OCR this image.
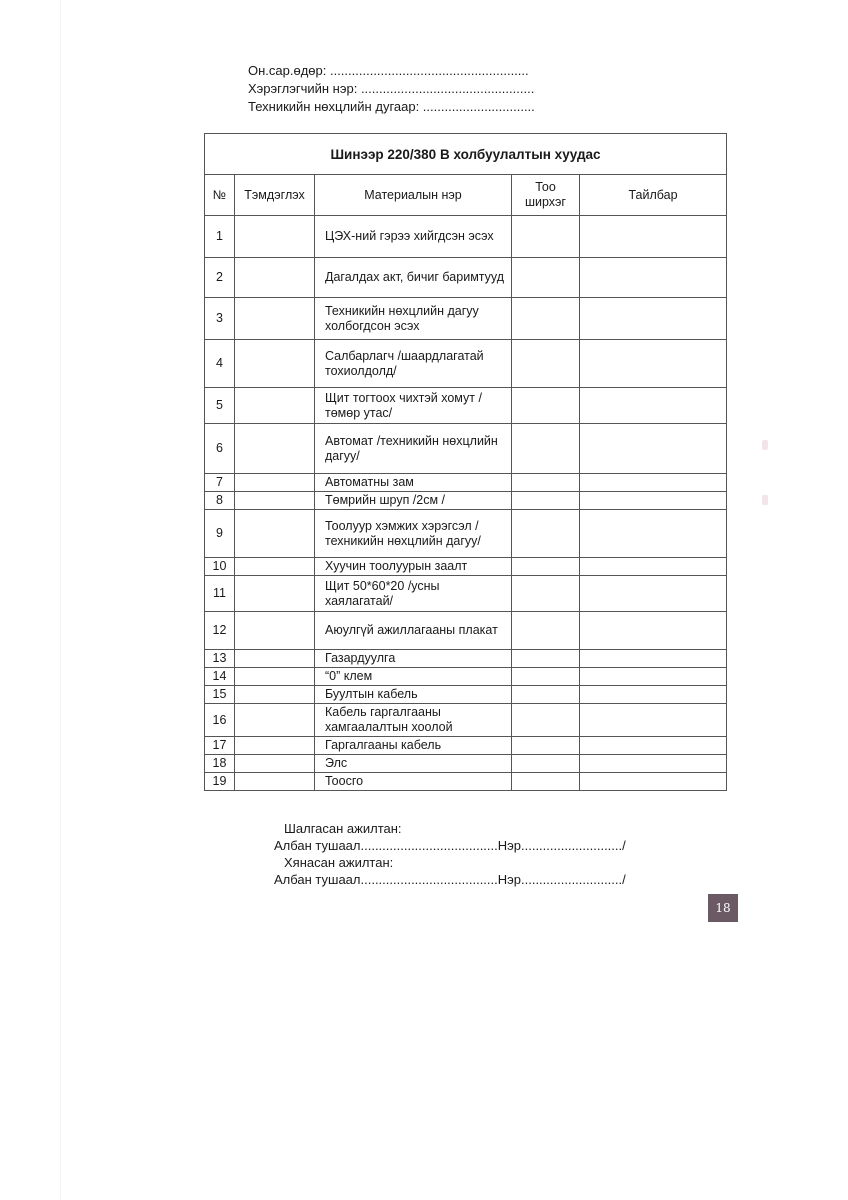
Он.сар.өдөр: .......................................................
Хэрэглэгчийн нэр: ................................................
Техникийн нөхцлийн дугаар: ...............................
Шинээр 220/380 В холбуулалтын хуудас				
№	Тэмдэглэх	Материалын нэр	Тоо ширхэг	Тайлбар
1		ЦЭХ-ний гэрээ хийгдсэн эсэх		
2		Дагалдах акт, бичиг баримтууд		
3		Техникийн нөхцлийн дагуу холбогдсон эсэх		
4		Салбарлагч /шаардлагатай тохиолдолд/		
5		Щит тогтоох чихтэй хомут /төмөр утас/		
6		Автомат /техникийн нөхцлийн дагуу/		
7		Автоматны зам		
8		Төмрийн шруп /2см /		
9		Тоолуур хэмжих хэрэгсэл /техникийн нөхцлийн дагуу/		
10		Хуучин тоолуурын заалт		
11		Щит 50*60*20 /усны хаялагатай/		
12		Аюулгүй ажиллагааны плакат		
13		Газардуулга		
14		“0” клем		
15		Буултын кабель		
16		Кабель гаргалгааны хамгаалалтын хоолой		
17		Гаргалгааны кабель		
18		Элс		
19		Тоосго		
Шалгасан ажилтан:
Албан тушаал......................................Нэр............................/
Хянасан ажилтан:
Албан тушаал......................................Нэр............................/
18
